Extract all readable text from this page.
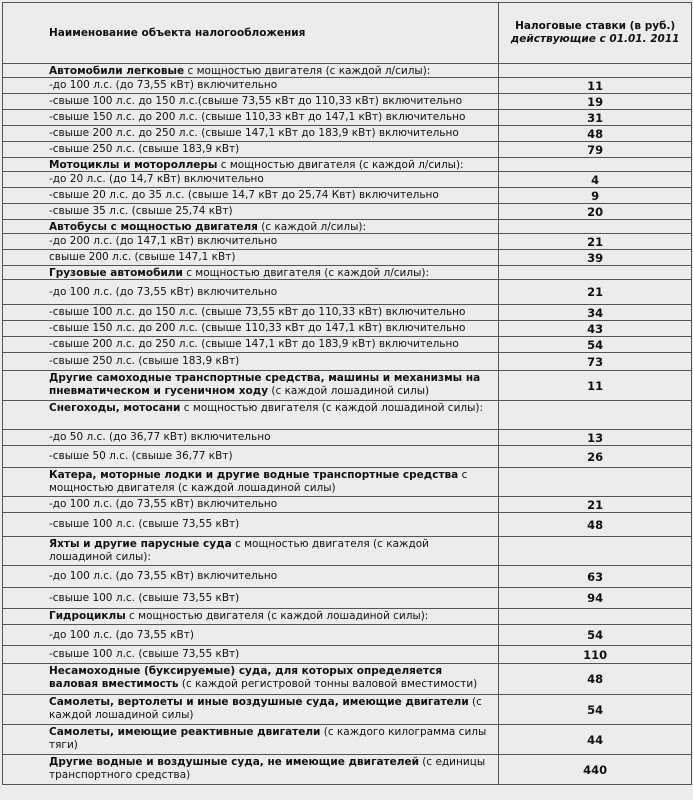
Наименование объекта налогообложения
Налоговые ставки (в руб.)
действующие с 01.01. 2011
Автомобили легковые с мощностью двигателя (с каждой л/силы):
-до 100 л.с. (до 73,55 кВт) включительно	11
-свыше 100 л.с. до 150 л.с.(свыше 73,55 кВт до 110,33 кВт) включительно	19
-свыше 150 л.с. до 200 л.с. (свыше 110,33 кВт до 147,1 кВт) включительно	31
-свыше 200 л.с. до 250 л.с. (свыше 147,1 кВт до 183,9 кВт) включительно	48
-свыше 250 л.с. (свыше 183,9 кВт)	79
Мотоциклы и мотороллеры с мощностью двигателя (с каждой л/силы):
-до 20 л.с. (до 14,7 кВт) включительно	4
-свыше 20 л.с. до 35 л.с. (свыше 14,7 кВт до 25,74 Квт) включительно	9
-свыше 35 л.с. (свыше 25,74 кВт)	20
Автобусы с мощностью двигателя (с каждой л/силы):
-до 200 л.с. (до 147,1 кВт) включительно	21
свыше 200 л.с. (свыше 147,1 кВт)	39
Грузовые автомобили с мощностью двигателя (с каждой л/силы):
-до 100 л.с. (до 73,55 кВт) включительно	21
-свыше 100 л.с. до 150 л.с. (свыше 73,55 кВт до 110,33 кВт) включительно	34
-свыше 150 л.с. до 200 л.с. (свыше 110,33 кВт до 147,1 кВт) включительно	43
-свыше 200 л.с. до 250 л.с. (свыше 147,1 кВт до 183,9 кВт) включительно	54
-свыше 250 л.с. (свыше 183,9 кВт)	73
Другие самоходные транспортные средства, машины и механизмы на пневматическом и гусеничном ходу (с каждой лошадиной силы)	11
Снегоходы, мотосани с мощностью двигателя (с каждой лошадиной силы):
-до 50 л.с. (до 36,77 кВт) включительно	13
-свыше 50 л.с. (свыше 36,77 кВт)	26
Катера, моторные лодки и другие водные транспортные средства с мощностью двигателя (с каждой лошадиной силы)
-до 100 л.с. (до 73,55 кВт) включительно	21
-свыше 100 л.с. (свыше 73,55 кВт)	48
Яхты и другие парусные суда с мощностью двигателя (с каждой лошадиной силы):
-до 100 л.с. (до 73,55 кВт) включительно	63
-свыше 100 л.с. (свыше 73,55 кВт)	94
Гидроциклы с мощностью двигателя (с каждой лошадиной силы):
-до 100 л.с. (до 73,55 кВт)	54
-свыше 100 л.с. (свыше 73,55 кВт)	110
Несамоходные (буксируемые) суда, для которых определяется валовая вместимость (с каждой регистровой тонны валовой вместимости)	48
Самолеты, вертолеты и иные воздушные суда, имеющие двигатели (с каждой лошадиной силы)	54
Самолеты, имеющие реактивные двигатели (с каждого килограмма силы тяги)	44
Другие водные и воздушные суда, не имеющие двигателей (с единицы транспортного средства)	440
